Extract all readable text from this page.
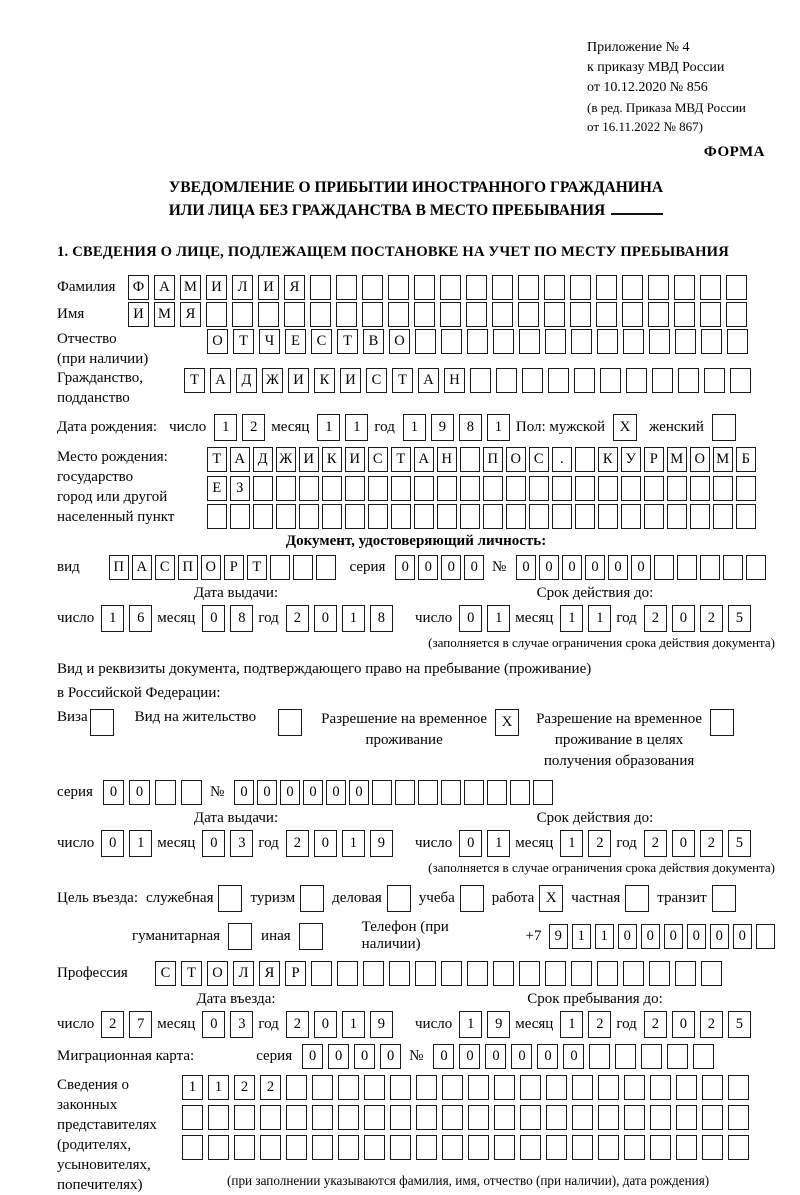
Приложение № 4
к приказу МВД России
от 10.12.2020 № 856
(в ред. Приказа МВД России
от 16.11.2022 № 867)
ФОРМА
УВЕДОМЛЕНИЕ О ПРИБЫТИИ ИНОСТРАННОГО ГРАЖДАНИНА
ИЛИ ЛИЦА БЕЗ ГРАЖДАНСТВА В МЕСТО ПРЕБЫВАНИЯ
1. СВЕДЕНИЯ О ЛИЦЕ, ПОДЛЕЖАЩЕМ ПОСТАНОВКЕ НА УЧЕТ ПО МЕСТУ ПРЕБЫВАНИЯ
Фамилия	Ф	А М И	Л	И	Я
Имя	И М	Я
Отчество
(при наличии)
О	Т	Ч	Е	С	Т	В	О
Гражданство,
подданство
Т	А	Д	Ж И	К	И	С	Т	А	Н
Дата рождения: число	1	2 месяц	1	1 год	1	9	8	1 Пол: мужской X	женский
Место рождения:
государство
город или другой
населенный пункт
Т А Д Ж И К И С Т А Н	П О С	.	К У Р М О М Б
Е	З
Документ, удостоверяющий личность:
вид	П А С П О Р	Т	серия	0	0	0	0 №	0	0	0	0	0	0
Дата выдачи:	Срок действия до:
число	1	6 месяц	0	8 год	2	0	1	8	число	0	1 месяц	1	1 год	2	0	2	5
(заполняется в случае ограничения срока действия документа)
Вид и реквизиты документа, подтверждающего право на пребывание (проживание)
в Российской Федерации:
Виза	Вид на жительство	Разрешение на временное
проживание
X	Разрешение на временное
проживание в целях
получения образования
серия	0	0	№	0	0	0	0	0	0
Дата выдачи:	Срок действия до:
число	0	1 месяц	0	3 год	2	0	1	9	число	0	1 месяц	1	2 год	2	0	2	5
(заполняется в случае ограничения срока действия документа)
Цель въезда: служебная туризм деловая учеба работа X частная транзит
гуманитарная	иная
Телефон (при наличии)
+7 9	1	1	0	0	0	0	0	0
Профессия	С	Т	О	Л	Я	Р
Дата въезда:	Срок пребывания до:
число	2	7 месяц	0	3 год	2	0	1	9	число	1	9 месяц	1	2 год	2	0	2	5
Миграционная карта:	серия	0	0	0	0 №	0	0	0	0	0	0
Сведения о
законных
представителях
(родителях,
усыновителях,
попечителях)
1	1	2	2
(при заполнении указываются фамилия, имя, отчество (при наличии), дата рождения)
